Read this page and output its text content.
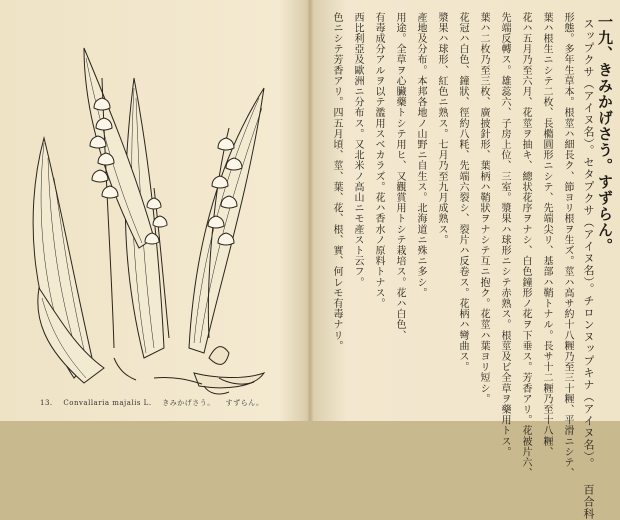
13. Convallaria majalis L. きみかげさう。 すずらん。
一九、きみかげさう。すずらん。
スップクサ（アイヌ名）。セタプクサ（アイヌ名）。チロンヌップキナ（アイヌ名）。百合科
形態。多年生草本。根莖ハ細長ク、節ヨリ根ヲ生ズ。莖ハ高サ約十八糎乃至三十糎、平滑ニシテ、
葉ハ根生ニシテ二枚、長橢圓形ニシテ、先端尖リ、基部ハ鞘トナル。長サ十二糎乃至十八糎、
花ハ五月乃至六月、花莖ヲ抽キ、總状花序ヲナシ、白色鐘形ノ花ヲ下垂ス。芳香アリ。花被片六、
先端反轉ス。雄蕊六、子房上位、三室。漿果ハ球形ニシテ赤熟ス。根莖及ビ全草ヲ藥用トス。
葉ハ二枚乃至三枚、廣披針形、葉柄ハ鞘狀ヲナシテ互ニ抱ク。花莖ハ葉ヨリ短シ。
花冠ハ白色、鐘狀、徑約八粍、先端六裂シ、裂片ハ反卷ス。花柄ハ彎曲ス。
漿果ハ球形、紅色ニ熟ス。七月乃至九月成熟ス。
產地及分布。本邦各地ノ山野ニ自生ス。北海道ニ殊ニ多シ。
用途。全草ヲ心臟藥トシテ用ヒ、又觀賞用トシテ栽培ス。花ハ白色、
有毒成分アルヲ以テ濫用スベカラズ。花ハ香水ノ原料トナス。
西比利亞及歐洲ニ分布ス。又北米ノ高山ニモ產スト云フ。
色ニシテ芳香アリ。四五月頃、莖、葉、花、根、實、何レモ有毒ナリ。
